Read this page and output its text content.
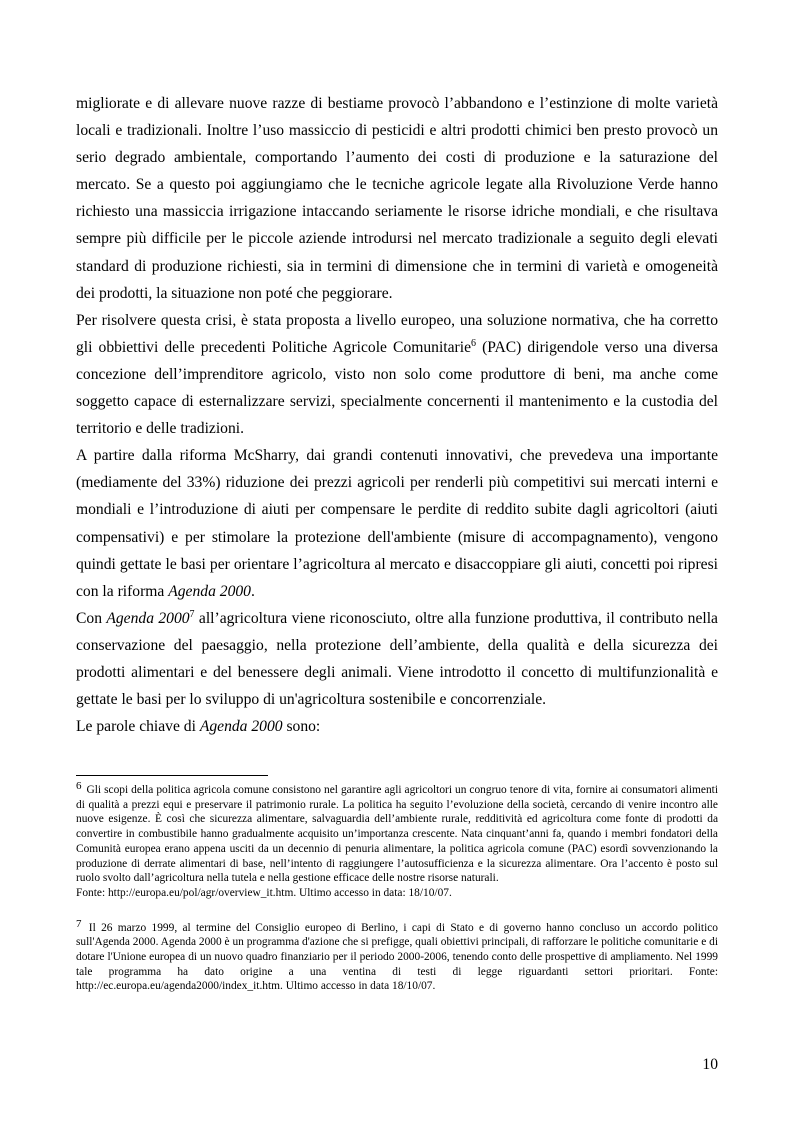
migliorate e di allevare nuove razze di bestiame provocò l’abbandono e l’estinzione di molte varietà locali e tradizionali. Inoltre l’uso massiccio di pesticidi e altri prodotti chimici ben presto provocò un serio degrado ambientale, comportando l’aumento dei costi di produzione e la saturazione del mercato. Se a questo poi aggiungiamo che le tecniche agricole legate alla Rivoluzione Verde hanno richiesto una massiccia irrigazione intaccando seriamente le risorse idriche mondiali, e che risultava sempre più difficile per le piccole aziende introdursi nel mercato tradizionale a seguito degli elevati standard di produzione richiesti, sia in termini di dimensione che in termini di varietà e omogeneità dei prodotti, la situazione non poté che peggiorare.

Per risolvere questa crisi, è stata proposta a livello europeo, una soluzione normativa, che ha corretto gli obbiettivi delle precedenti Politiche Agricole Comunitarie$^6$ (PAC) dirigendole verso una diversa concezione dell’imprenditore agricolo, visto non solo come produttore di beni, ma anche come soggetto capace di esternalizzare servizi, specialmente concernenti il mantenimento e la custodia del territorio e delle tradizioni.

A partire dalla riforma McSharry, dai grandi contenuti innovativi, che prevedeva una importante (mediamente del 33%) riduzione dei prezzi agricoli per renderli più competitivi sui mercati interni e mondiali e l’introduzione di aiuti per compensare le perdite di reddito subite dagli agricoltori (aiuti compensativi) e per stimolare la protezione dell'ambiente (misure di accompagnamento), vengono quindi gettate le basi per orientare l’agricoltura al mercato e disaccoppiare gli aiuti, concetti poi ripresi con la riforma Agenda 2000.

Con Agenda 2000$^7$ all’agricoltura viene riconosciuto, oltre alla funzione produttiva, il contributo nella conservazione del paesaggio, nella protezione dell’ambiente, della qualità e della sicurezza dei prodotti alimentari e del benessere degli animali. Viene introdotto il concetto di multifunzionalità e gettate le basi per lo sviluppo di un'agricoltura sostenibile e concorrenziale.

Le parole chiave di Agenda 2000 sono:

6 Gli scopi della politica agricola comune consistono nel garantire agli agricoltori un congruo tenore di vita, fornire ai consumatori alimenti di qualità a prezzi equi e preservare il patrimonio rurale. La politica ha seguito l’evoluzione della società, cercando di venire incontro alle nuove esigenze. È così che sicurezza alimentare, salvaguardia dell’ambiente rurale, redditività ed agricoltura come fonte di prodotti da convertire in combustibile hanno gradualmente acquisito un’importanza crescente. Nata cinquant’anni fa, quando i membri fondatori della Comunità europea erano appena usciti da un decennio di penuria alimentare, la politica agricola comune (PAC) esordì sovvenzionando la produzione di derrate alimentari di base, nell’intento di raggiungere l’autosufficienza e la sicurezza alimentare. Ora l’accento è posto sul ruolo svolto dall’agricoltura nella tutela e nella gestione efficace delle nostre risorse naturali.

Fonte: http://europa.eu/pol/agr/overview_it.htm. Ultimo accesso in data: 18/10/07.

7 Il 26 marzo 1999, al termine del Consiglio europeo di Berlino, i capi di Stato e di governo hanno concluso un accordo politico sull'Agenda 2000. Agenda 2000 è un programma d'azione che si prefigge, quali obiettivi principali, di rafforzare le politiche comunitarie e di dotare l'Unione europea di un nuovo quadro finanziario per il periodo 2000-2006, tenendo conto delle prospettive di ampliamento. Nel 1999 tale programma ha dato origine a una ventina di testi di legge riguardanti settori prioritari. Fonte: http://ec.europa.eu/agenda2000/index_it.htm. Ultimo accesso in data 18/10/07.

10
